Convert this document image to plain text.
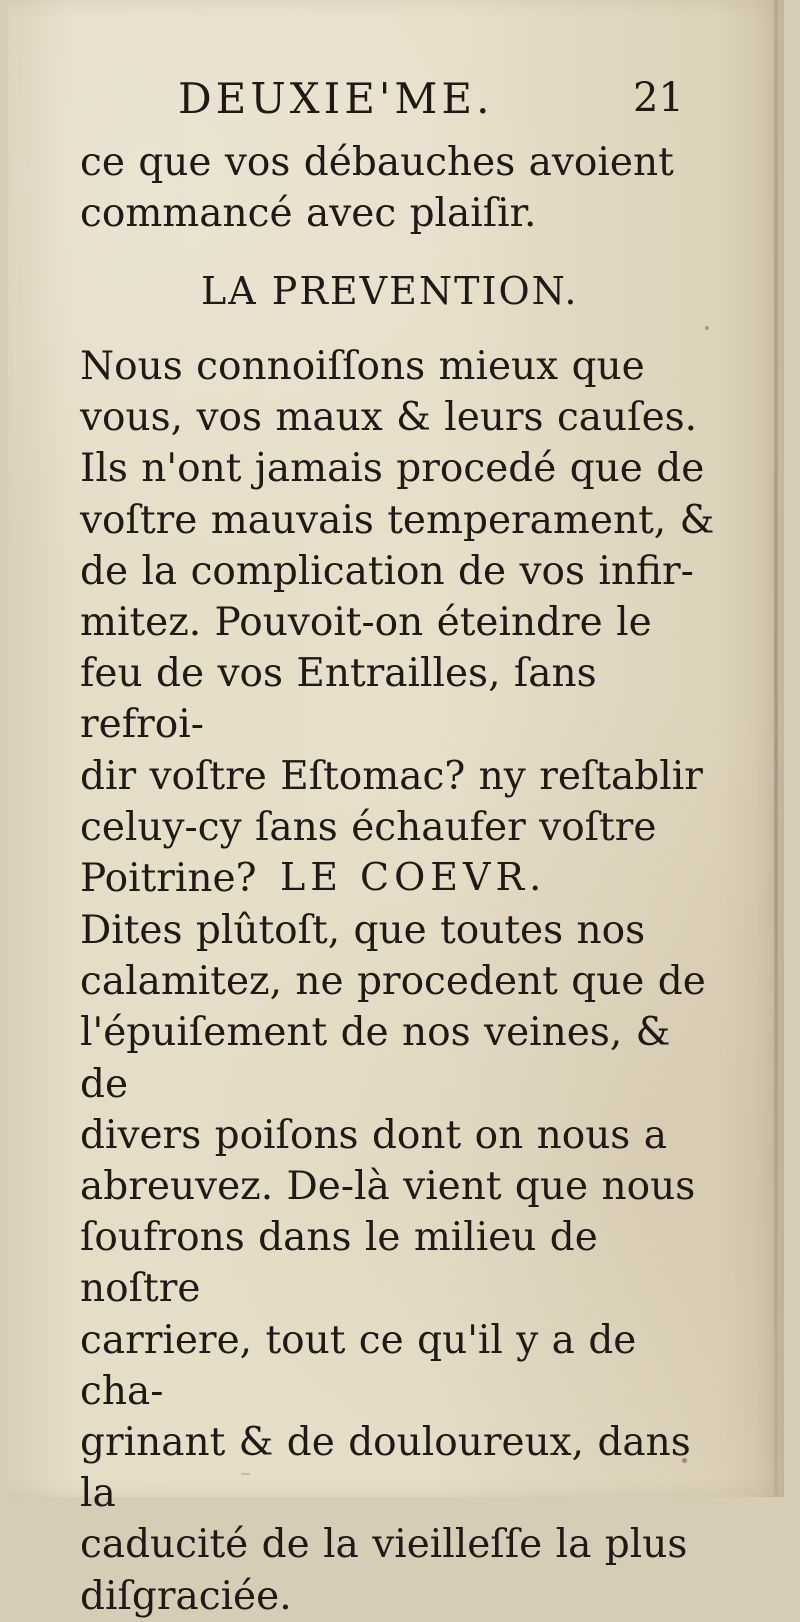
DEUXIE'ME.	21
ce que vos débauches avoient
commancé avec plaiſir.
LA PREVENTION.
Nous connoiſſons mieux que
vous, vos maux & leurs cauſes.
Ils n'ont jamais procedé que de
voſtre mauvais temperament, &
de la complication de vos infir-
mitez. Pouvoit-on éteindre le
feu de vos Entrailles, ſans refroi-
dir voſtre Eſtomac? ny reſtablir
celuy-cy ſans échaufer voſtre
Poitrine? LE COEVR.
Dites plûtoſt, que toutes nos
calamitez, ne procedent que de
l'épuiſement de nos veines, & de
divers poiſons dont on nous a
abreuvez. De-là vient que nous
ſoufrons dans le milieu de noſtre
carriere, tout ce qu'il y a de cha-
grinant & de douloureux, dans la
caducité de la vieilleſſe la plus
diſgraciée.
